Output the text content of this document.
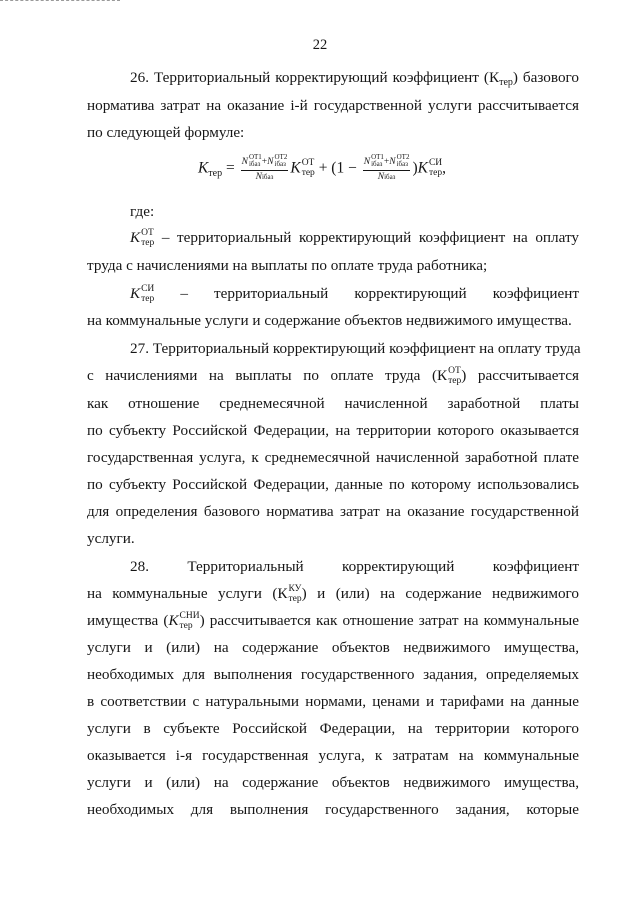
22
26. Территориальный корректирующий коэффициент (Ктер) базового
норматива затрат на оказание i-й государственной услуги рассчитывается
по следующей формуле:
Ктер = N
ОТ1
iбаз +N
ОТ2
iбаз
Niбаз K ОТ
тер + (1 − N
ОТ1
iбаз +N
ОТ2
iбаз
Niбаз )K СИ
тер ,
где:
К ОТ
тер – территориальный корректирующий коэффициент на оплату
труда с начислениями на выплаты по оплате труда работника;
К СИ
тер – территориальный корректирующий коэффициент
на коммунальные услуги и содержание объектов недвижимого имущества.
27. Территориальный корректирующий коэффициент на оплату труда
с начислениями на выплаты по оплате труда (К ОТ
тер ) рассчитывается
как отношение среднемесячной начисленной заработной платы
по субъекту Российской Федерации, на территории которого оказывается
государственная услуга, к среднемесячной начисленной заработной плате
по субъекту Российской Федерации, данные по которому использовались
для определения базового норматива затрат на оказание государственной
услуги.
28. Территориальный	корректирующий	коэффициент
на коммунальные услуги (К КУ
тер ) и (или) на содержание недвижимого
имущества (К СНИ
тер ) рассчитывается как отношение затрат на коммунальные
услуги и (или) на содержание объектов недвижимого имущества,
необходимых для выполнения государственного задания, определяемых
в соответствии с натуральными нормами, ценами и тарифами на данные
услуги в субъекте Российской Федерации, на территории которого
оказывается i-я государственная услуга, к затратам на коммунальные
услуги и (или) на содержание объектов недвижимого имущества,
необходимых для выполнения государственного задания, которые
